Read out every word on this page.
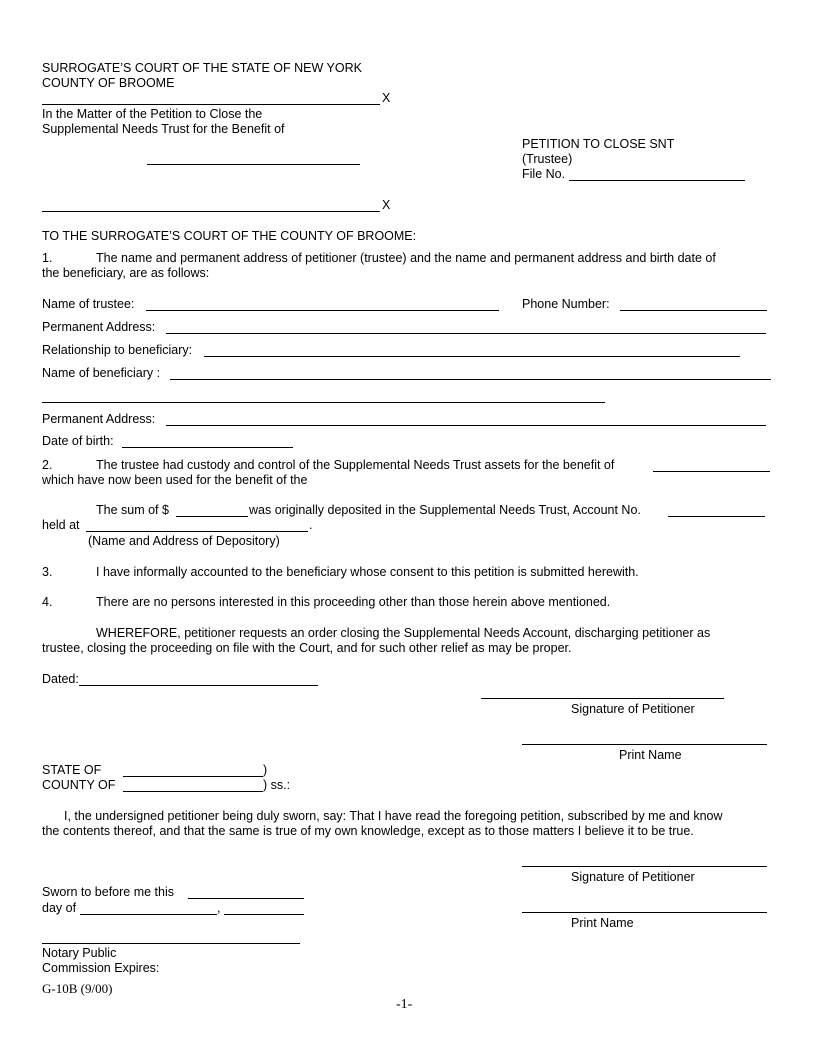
SURROGATE’S COURT OF THE STATE OF NEW YORK
COUNTY OF BROOME
X
In the Matter of the Petition to Close the
Supplemental Needs Trust for the Benefit of
PETITION TO CLOSE SNT
(Trustee)
File No.
X
TO THE SURROGATE’S COURT OF THE COUNTY OF BROOME:
1.	The name and permanent address of petitioner (trustee) and the name and permanent address and birth date of
the beneficiary, are as follows:
Name of trustee:	Phone Number:
Permanent Address:
Relationship to beneficiary:
Name of beneficiary :
Permanent Address:
Date of birth:
2.	The trustee had custody and control of the Supplemental Needs Trust assets for the benefit of
which have now been used for the benefit of the
The sum of $	was originally deposited in the Supplemental Needs Trust, Account No.
held at	.
(Name and Address of Depository)
3.	I have informally accounted to the beneficiary whose consent to this petition is submitted herewith.
4.	There are no persons interested in this proceeding other than those herein above mentioned.
WHEREFORE, petitioner requests an order closing the Supplemental Needs Account, discharging petitioner as
trustee, closing the proceeding on file with the Court, and for such other relief as may be proper.
Dated:
Signature of Petitioner
Print Name
STATE OF	)
COUNTY OF	) ss.:
I, the undersigned petitioner being duly sworn, say: That I have read the foregoing petition, subscribed by me and know
the contents thereof, and that the same is true of my own knowledge, except as to those matters I believe it to be true.
Signature of Petitioner
Sworn to before me this
day of	,
Print Name
Notary Public
Commission Expires:
G-10B (9/00)
-1-
